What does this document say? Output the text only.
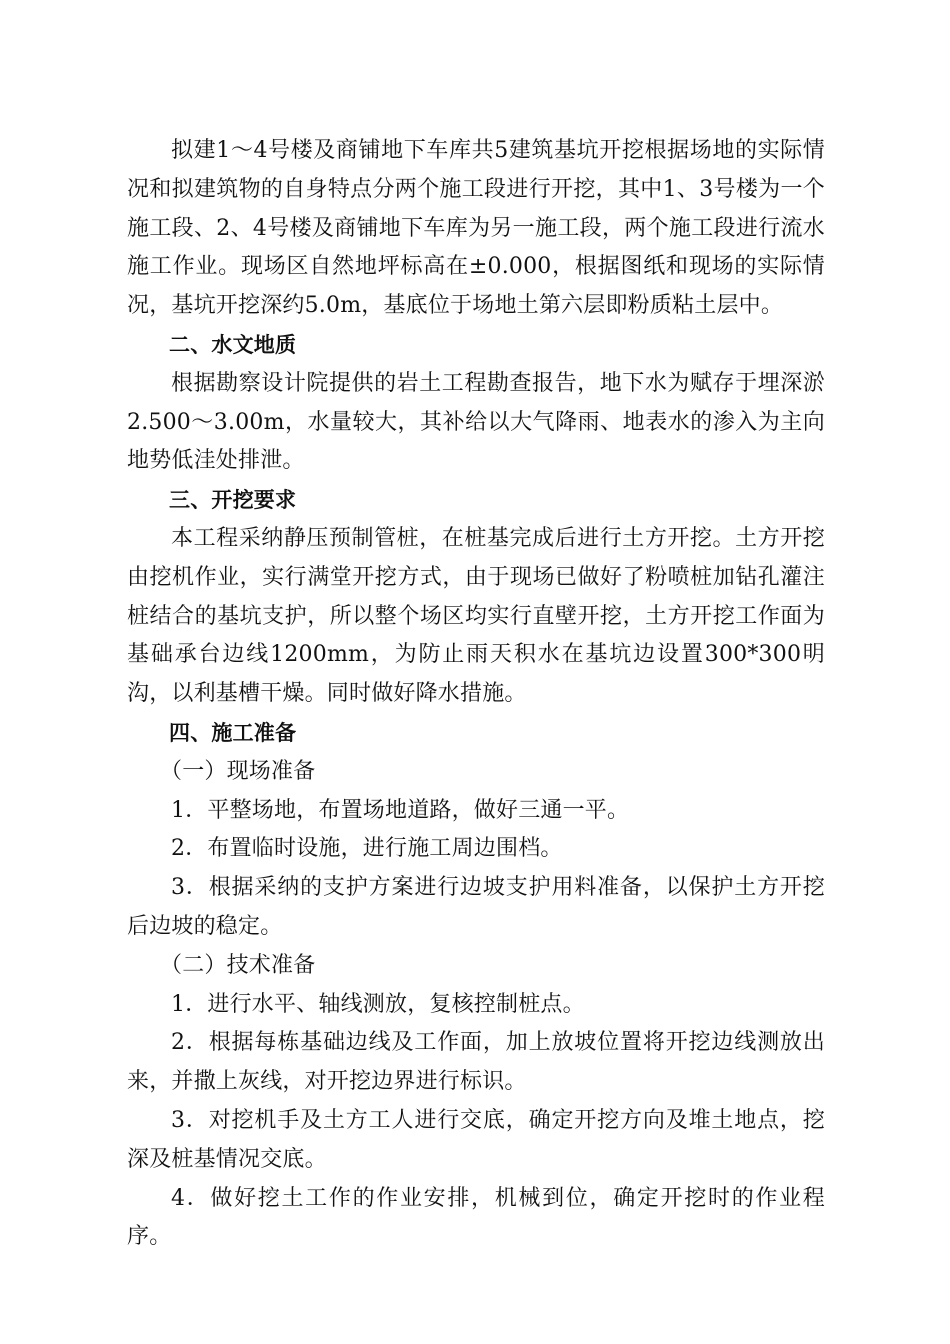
拟建1～4号楼及商铺地下车库共5建筑基坑开挖根据场地的实际情况和拟建筑物的自身特点分两个施工段进行开挖，其中1、3号楼为一个施工段、2、4号楼及商铺地下车库为另一施工段，两个施工段进行流水施工作业。现场区自然地坪标高在±0.000，根据图纸和现场的实际情况，基坑开挖深约5.0m，基底位于场地土第六层即粉质粘土层中。

二、水文地质

根据勘察设计院提供的岩土工程勘查报告，地下水为赋存于埋深淤2.500～3.00m，水量较大，其补给以大气降雨、地表水的渗入为主向地势低洼处排泄。

三、开挖要求

本工程采纳静压预制管桩，在桩基完成后进行土方开挖。土方开挖由挖机作业，实行满堂开挖方式，由于现场已做好了粉喷桩加钻孔灌注桩结合的基坑支护，所以整个场区均实行直壁开挖，土方开挖工作面为基础承台边线1200mm，为防止雨天积水在基坑边设置300*300明沟，以利基槽干燥。同时做好降水措施。

四、施工准备

（一）现场准备

1．平整场地，布置场地道路，做好三通一平。

2．布置临时设施，进行施工周边围档。

3．根据采纳的支护方案进行边坡支护用料准备，以保护土方开挖后边坡的稳定。

（二）技术准备

1．进行水平、轴线测放，复核控制桩点。

2．根据每栋基础边线及工作面，加上放坡位置将开挖边线测放出来，并撒上灰线，对开挖边界进行标识。

3．对挖机手及土方工人进行交底，确定开挖方向及堆土地点，挖深及桩基情况交底。

4．做好挖土工作的作业安排，机械到位，确定开挖时的作业程序。
